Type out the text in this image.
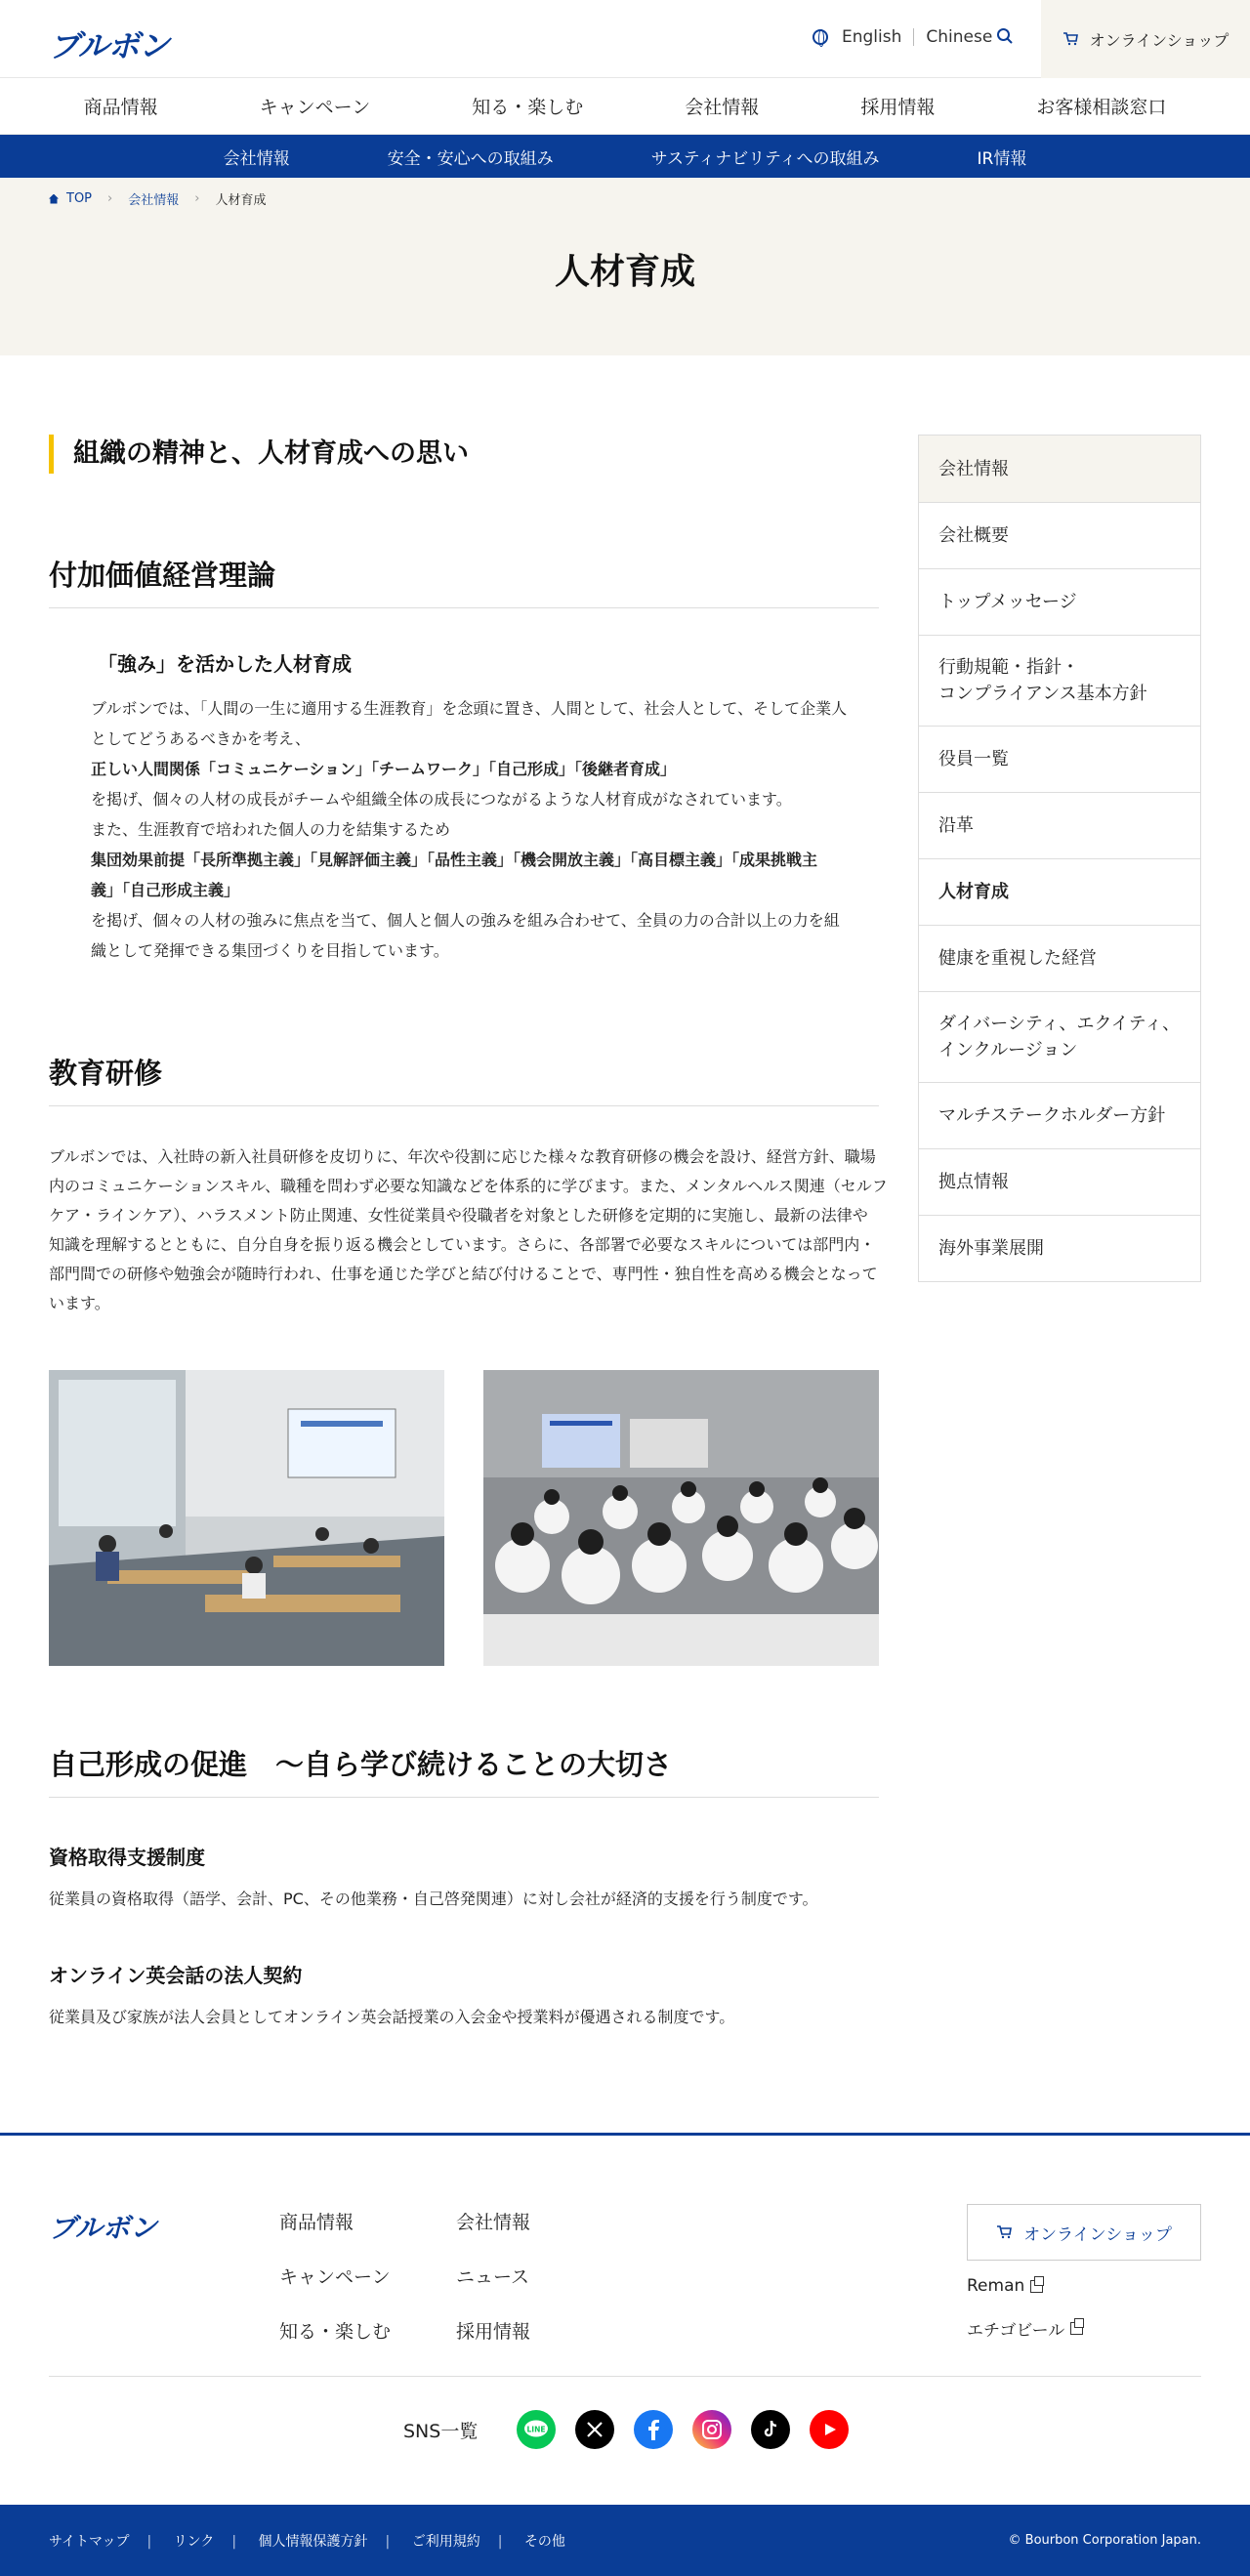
ブルボン	English Chinese	オンラインショップ
商品情報	キャンペーン	知る・楽しむ	会社情報	採用情報	お客様相談窓口
会社情報	安全・安心への取組み	サスティナビリティへの取組み	IR情報
TOP › 会社情報 › 人材育成
人材育成
組織の精神と、人材育成への思い
付加価値経営理論
「強み」を活かした人材育成
ブルボンでは、「人間の一生に適用する生涯教育」を念頭に置き、人間として、社会人として、そして企業人
としてどうあるべきかを考え、
正しい人間関係「コミュニケーション」「チームワーク」「自己形成」「後継者育成」
を掲げ、個々の人材の成長がチームや組織全体の成長につながるような人材育成がなされています。
また、生涯教育で培われた個人の力を結集するため
集団効果前提「長所準拠主義」「見解評価主義」「品性主義」「機会開放主義」「高目標主義」「成果挑戦主
義」「自己形成主義」
を掲げ、個々の人材の強みに焦点を当て、個人と個人の強みを組み合わせて、全員の力の合計以上の力を組
織として発揮できる集団づくりを目指しています。
教育研修
ブルボンでは、入社時の新入社員研修を皮切りに、年次や役割に応じた様々な教育研修の機会を設け、経営方針、職場
内のコミュニケーションスキル、職種を問わず必要な知識などを体系的に学びます。また、メンタルヘルス関連（セルフ
ケア・ラインケア）、ハラスメント防止関連、女性従業員や役職者を対象とした研修を定期的に実施し、最新の法律や
知識を理解するとともに、自分自身を振り返る機会としています。さらに、各部署で必要なスキルについては部門内・
部門間での研修や勉強会が随時行われ、仕事を通じた学びと結び付けることで、専門性・独自性を高める機会となって
います。
自己形成の促進　～自ら学び続けることの大切さ
資格取得支援制度
従業員の資格取得（語学、会計、PC、その他業務・自己啓発関連）に対し会社が経済的支援を行う制度です。
オンライン英会話の法人契約
従業員及び家族が法人会員としてオンライン英会話授業の入会金や授業料が優遇される制度です。
会社情報
会社概要
トップメッセージ
行動規範・指針・
コンプライアンス基本方針
役員一覧
沿革
人材育成
健康を重視した経営
ダイバーシティ、エクイティ、
インクルージョン
マルチステークホルダー方針
拠点情報
海外事業展開
ブルボン	商品情報
キャンペーン
知る・楽しむ
会社情報
ニュース
採用情報
オンラインショップ
Reman
エチゴビール
SNS一覧	LINE
サイトマップ | リンク | 個人情報保護方針 | ご利用規約 | その他	© Bourbon Corporation Japan.
